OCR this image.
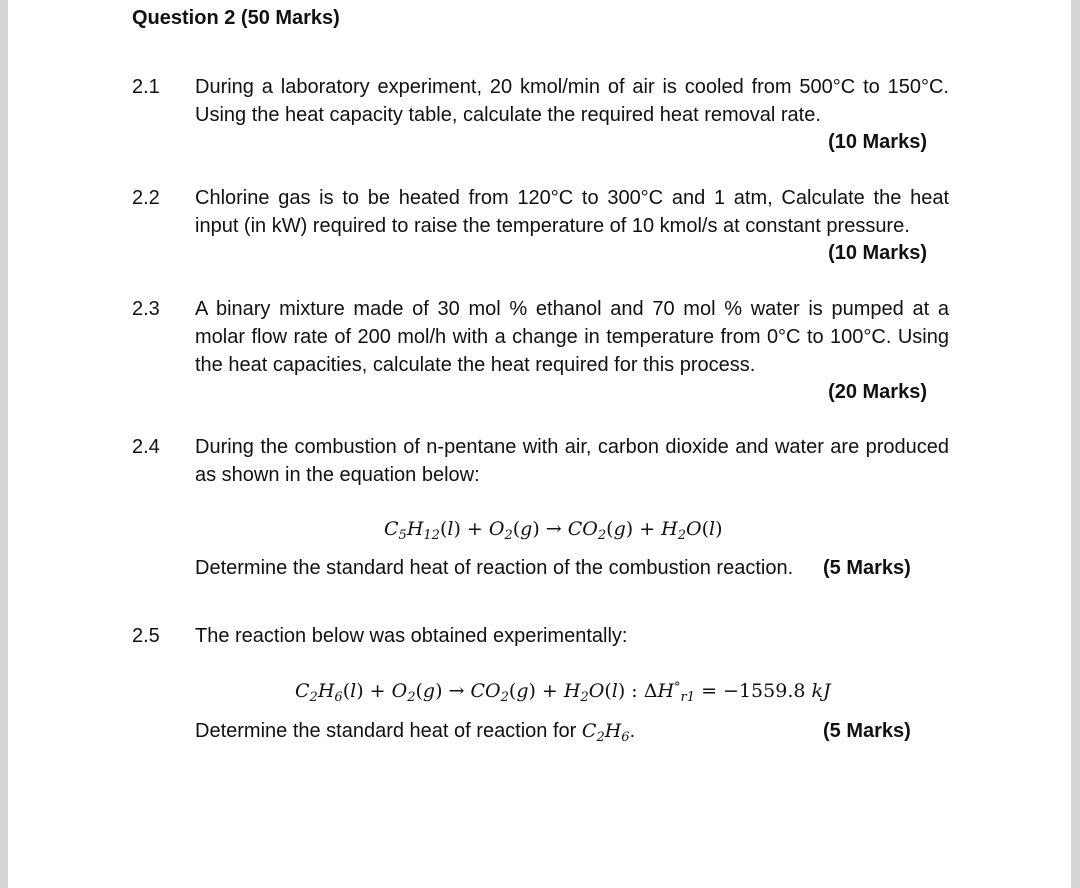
Question 2 (50 Marks)
2.1 During a laboratory experiment, 20 kmol/min of air is cooled from 500°C to 150°C. Using the heat capacity table, calculate the required heat removal rate.
(10 Marks)
2.2 Chlorine gas is to be heated from 120°C to 300°C and 1 atm, Calculate the heat input (in kW) required to raise the temperature of 10 kmol/s at constant pressure.
(10 Marks)
2.3 A binary mixture made of 30 mol % ethanol and 70 mol % water is pumped at a molar flow rate of 200 mol/h with a change in temperature from 0°C to 100°C. Using the heat capacities, calculate the heat required for this process.
(20 Marks)
2.4 During the combustion of n-pentane with air, carbon dioxide and water are produced as shown in the equation below:
$C_5H_{12}(l) + O_2(g) \to CO_2(g) + H_2O(l)$
Determine the standard heat of reaction of the combustion reaction. (5 Marks)
2.5 The reaction below was obtained experimentally:
$C_2H_6(l) + O_2(g) \to CO_2(g) + H_2O(l)$ : $\Delta H^\circ_{r1} = -1559.8$ kJ
Determine the standard heat of reaction for $C_2H_6$.	(5 Marks)
